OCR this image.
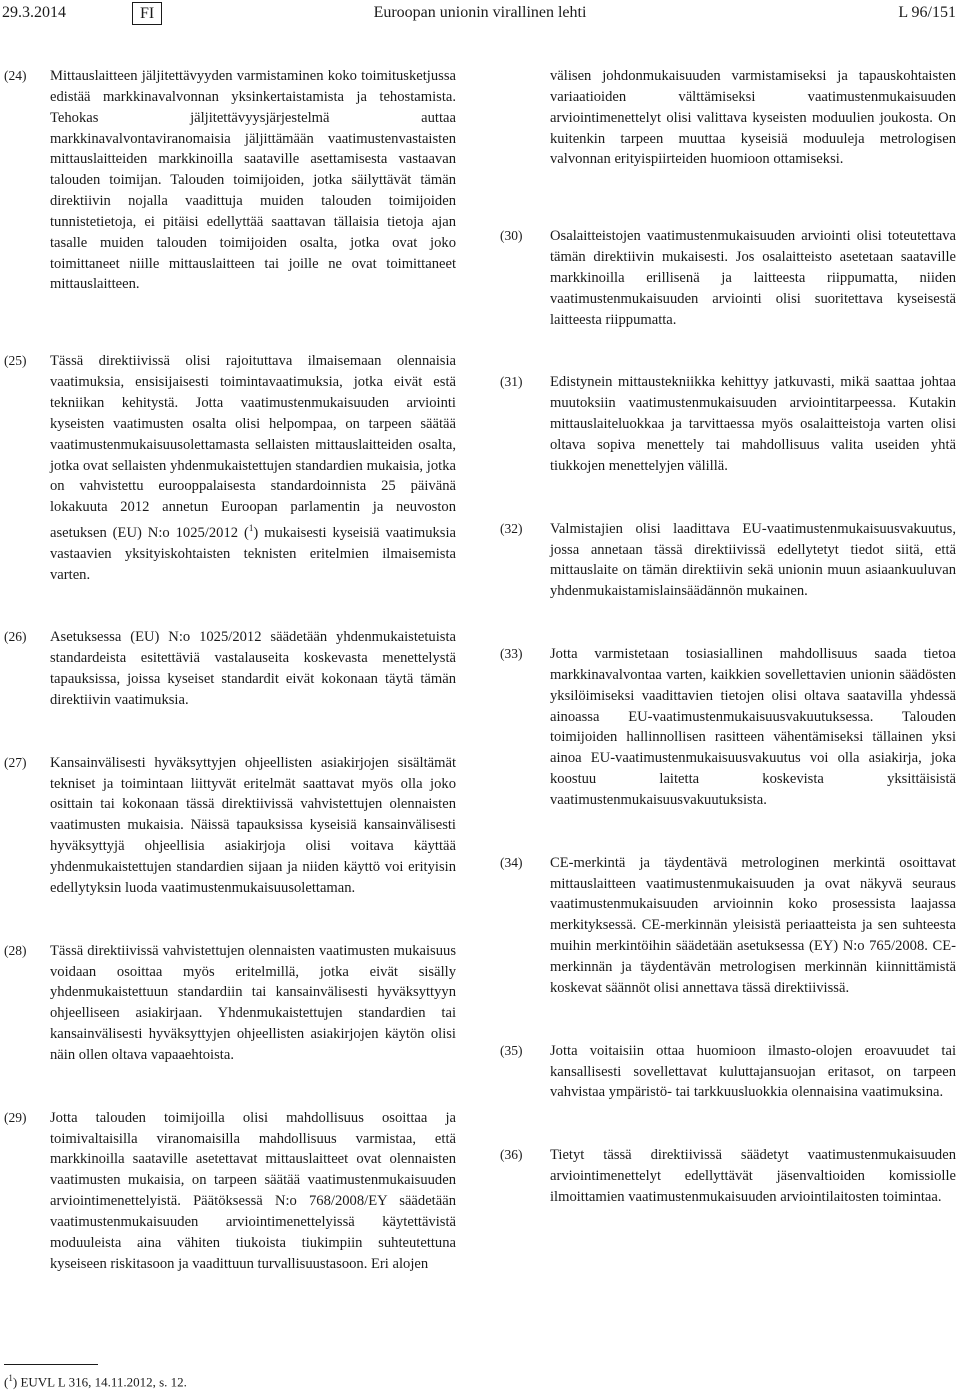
29.3.2014	FI	Euroopan unionin virallinen lehti	L 96/151
(24) Mittauslaitteen jäljitettävyyden varmistaminen koko toimitusketjussa edistää markkinavalvonnan yksinkertaistamista ja tehostamista. Tehokas jäljitettävyysjärjestelmä auttaa markkinavalvontaviranomaisia jäljittämään vaatimustenvastaisten mittauslaitteiden markkinoilla saataville asettamisesta vastaavan talouden toimijan. Talouden toimijoiden, jotka säilyttävät tämän direktiivin nojalla vaadittuja muiden talouden toimijoiden tunnistetietoja, ei pitäisi edellyttää saattavan tällaisia tietoja ajan tasalle muiden talouden toimijoiden osalta, jotka ovat joko toimittaneet niille mittauslaitteen tai joille ne ovat toimittaneet mittauslaitteen.
(25) Tässä direktiivissä olisi rajoituttava ilmaisemaan olennaisia vaatimuksia, ensisijaisesti toimintavaatimuksia, jotka eivät estä tekniikan kehitystä. Jotta vaatimustenmukaisuuden arviointi kyseisten vaatimusten osalta olisi helpompaa, on tarpeen säätää vaatimustenmukaisuusolettamasta sellaisten mittauslaitteiden osalta, jotka ovat sellaisten yhdenmukaistettujen standardien mukaisia, jotka on vahvistettu eurooppalaisesta standardoinnista 25 päivänä lokakuuta 2012 annetun Euroopan parlamentin ja neuvoston asetuksen (EU) N:o 1025/2012 ($^1$) mukaisesti kyseisiä vaatimuksia vastaavien yksityiskohtaisten teknisten eritelmien ilmaisemista varten.
(26) Asetuksessa (EU) N:o 1025/2012 säädetään yhdenmukaistetuista standardeista esitettäviä vastalauseita koskevasta menettelystä tapauksissa, joissa kyseiset standardit eivät kokonaan täytä tämän direktiivin vaatimuksia.
(27) Kansainvälisesti hyväksyttyjen ohjeellisten asiakirjojen sisältämät tekniset ja toimintaan liittyvät eritelmät saattavat myös olla joko osittain tai kokonaan tässä direktiivissä vahvistettujen olennaisten vaatimusten mukaisia. Näissä tapauksissa kyseisiä kansainvälisesti hyväksyttyjä ohjeellisia asiakirjoja olisi voitava käyttää yhdenmukaistettujen standardien sijaan ja niiden käyttö voi erityisin edellytyksin luoda vaatimustenmukaisuusolettaman.
(28) Tässä direktiivissä vahvistettujen olennaisten vaatimusten mukaisuus voidaan osoittaa myös eritelmillä, jotka eivät sisälly yhdenmukaistettuun standardiin tai kansainvälisesti hyväksyttyyn ohjeelliseen asiakirjaan. Yhdenmukaistettujen standardien tai kansainvälisesti hyväksyttyjen ohjeellisten asiakirjojen käytön olisi näin ollen oltava vapaaehtoista.
(29) Jotta talouden toimijoilla olisi mahdollisuus osoittaa ja toimivaltaisilla viranomaisilla mahdollisuus varmistaa, että markkinoilla saataville asetettavat mittauslaitteet ovat olennaisten vaatimusten mukaisia, on tarpeen säätää vaatimustenmukaisuuden arviointimenettelyistä. Päätöksessä N:o 768/2008/EY säädetään vaatimustenmukaisuuden arviointimenettelyissä käytettävistä moduuleista aina vähiten tiukoista tiukimpiin suhteutettuna kyseiseen riskitasoon ja vaadittuun turvallisuustasoon. Eri alojen
välisen johdonmukaisuuden varmistamiseksi ja tapauskohtaisten variaatioiden välttämiseksi vaatimustenmukaisuuden arviointimenettelyt olisi valittava kyseisten moduulien joukosta. On kuitenkin tarpeen muuttaa kyseisiä moduuleja metrologisen valvonnan erityispiirteiden huomioon ottamiseksi.
(30) Osalaitteistojen vaatimustenmukaisuuden arviointi olisi toteutettava tämän direktiivin mukaisesti. Jos osalaitteisto asetetaan saataville markkinoilla erillisenä ja laitteesta riippumatta, niiden vaatimustenmukaisuuden arviointi olisi suoritettava kyseisestä laitteesta riippumatta.
(31) Edistynein mittaustekniikka kehittyy jatkuvasti, mikä saattaa johtaa muutoksiin vaatimustenmukaisuuden arviointitarpeessa. Kutakin mittauslaiteluokkaa ja tarvittaessa myös osalaitteistoja varten olisi oltava sopiva menettely tai mahdollisuus valita useiden yhtä tiukkojen menettelyjen välillä.
(32) Valmistajien olisi laadittava EU-vaatimustenmukaisuusvakuutus, jossa annetaan tässä direktiivissä edellytetyt tiedot siitä, että mittauslaite on tämän direktiivin sekä unionin muun asiaankuuluvan yhdenmukaistamislainsäädännön mukainen.
(33) Jotta varmistetaan tosiasiallinen mahdollisuus saada tietoa markkinavalvontaa varten, kaikkien sovellettavien unionin säädösten yksilöimiseksi vaadittavien tietojen olisi oltava saatavilla yhdessä ainoassa EU-vaatimustenmukaisuusvakuutuksessa. Talouden toimijoiden hallinnollisen rasitteen vähentämiseksi tällainen yksi ainoa EU-vaatimustenmukaisuusvakuutus voi olla asiakirja, joka koostuu laitetta koskevista yksittäisistä vaatimustenmukaisuusvakuutuksista.
(34) CE-merkintä ja täydentävä metrologinen merkintä osoittavat mittauslaitteen vaatimustenmukaisuuden ja ovat näkyvä seuraus vaatimustenmukaisuuden arvioinnin koko prosessista laajassa merkityksessä. CE-merkinnän yleisistä periaatteista ja sen suhteesta muihin merkintöihin säädetään asetuksessa (EY) N:o 765/2008. CE-merkinnän ja täydentävän metrologisen merkinnän kiinnittämistä koskevat säännöt olisi annettava tässä direktiivissä.
(35) Jotta voitaisiin ottaa huomioon ilmasto-olojen eroavuudet tai kansallisesti sovellettavat kuluttajansuojan eritasot, on tarpeen vahvistaa ympäristö- tai tarkkuusluokkia olennaisina vaatimuksina.
(36) Tietyt tässä direktiivissä säädetyt vaatimustenmukaisuuden arviointimenettelyt edellyttävät jäsenvaltioiden komissiolle ilmoittamien vaatimustenmukaisuuden arviointilaitosten toimintaa.
($^1$) EUVL L 316, 14.11.2012, s. 12.
